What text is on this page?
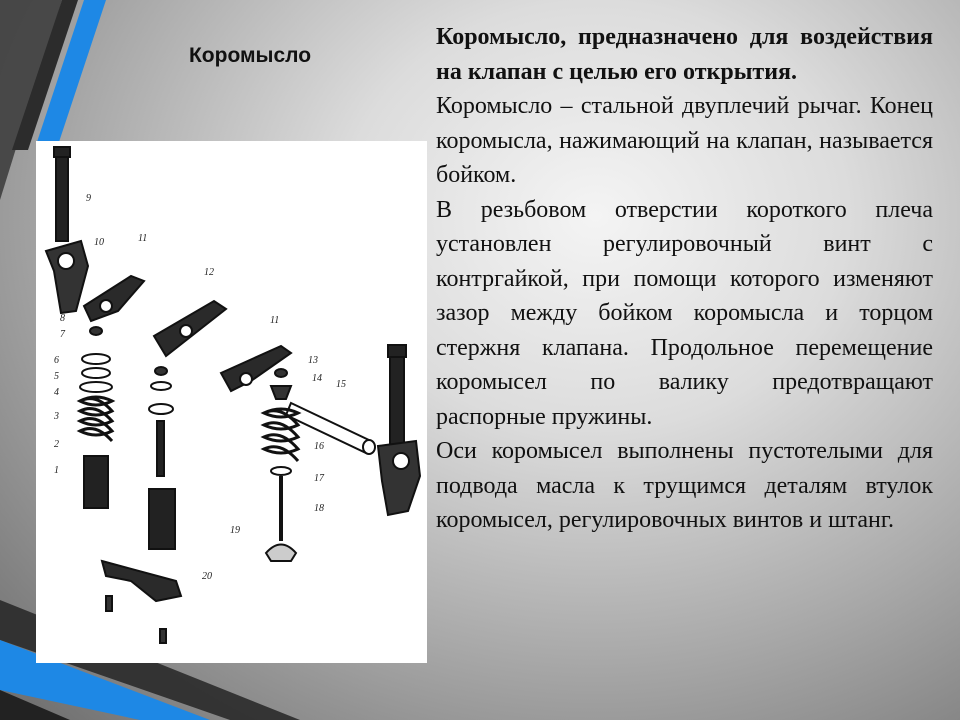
Коромысло
9
10	11
12
8
7
6
5
4
3
2
1
11
13
14
15
16
17
18
19
20

Коромысло, предназначено для воздействия на клапан с целью его открытия.

Коромысло – стальной двуплечий рычаг. Конец коромысла, нажимающий на клапан, называется бойком.

В резьбовом отверстии короткого плеча установлен регулировочный винт с контргайкой, при помощи которого изменяют зазор между бойком коромысла и торцом стержня клапана. Продольное перемещение коромысел по валику предотвращают распорные пружины.

Оси коромысел выполнены пустотелыми для подвода масла к трущимся деталям втулок коромысел, регулировочных винтов и штанг.
